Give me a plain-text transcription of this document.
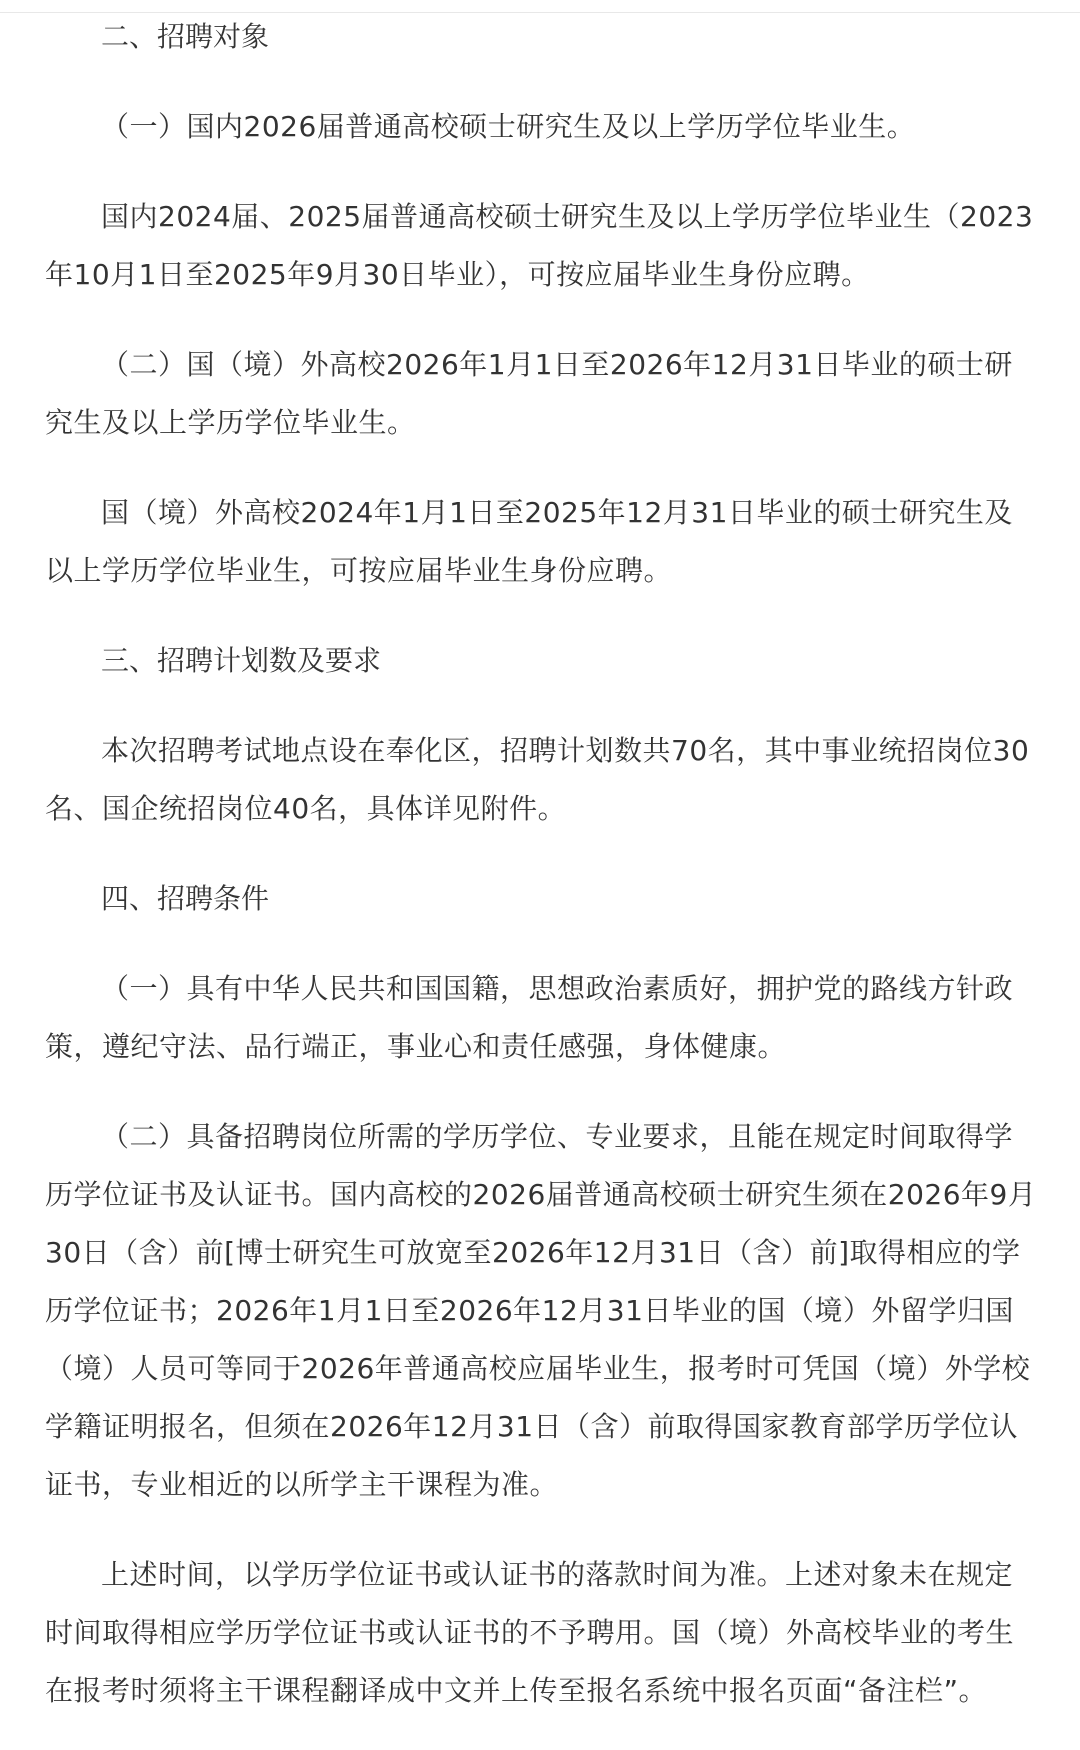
二、招聘对象

（一）国内2026届普通高校硕士研究生及以上学历学位毕业生。

国内2024届、2025届普通高校硕士研究生及以上学历学位毕业生（2023年10月1日至2025年9月30日毕业），可按应届毕业生身份应聘。

（二）国（境）外高校2026年1月1日至2026年12月31日毕业的硕士研究生及以上学历学位毕业生。

国（境）外高校2024年1月1日至2025年12月31日毕业的硕士研究生及以上学历学位毕业生，可按应届毕业生身份应聘。

三、招聘计划数及要求

本次招聘考试地点设在奉化区，招聘计划数共70名，其中事业统招岗位30名、国企统招岗位40名，具体详见附件。

四、招聘条件

（一）具有中华人民共和国国籍，思想政治素质好，拥护党的路线方针政策，遵纪守法、品行端正，事业心和责任感强，身体健康。

（二）具备招聘岗位所需的学历学位、专业要求，且能在规定时间取得学历学位证书及认证书。国内高校的2026届普通高校硕士研究生须在2026年9月30日（含）前[博士研究生可放宽至2026年12月31日（含）前]取得相应的学历学位证书；2026年1月1日至2026年12月31日毕业的国（境）外留学归国（境）人员可等同于2026年普通高校应届毕业生，报考时可凭国（境）外学校学籍证明报名，但须在2026年12月31日（含）前取得国家教育部学历学位认证书，专业相近的以所学主干课程为准。

上述时间，以学历学位证书或认证书的落款时间为准。上述对象未在规定时间取得相应学历学位证书或认证书的不予聘用。国（境）外高校毕业的考生在报考时须将主干课程翻译成中文并上传至报名系统中报名页面“备注栏”。
